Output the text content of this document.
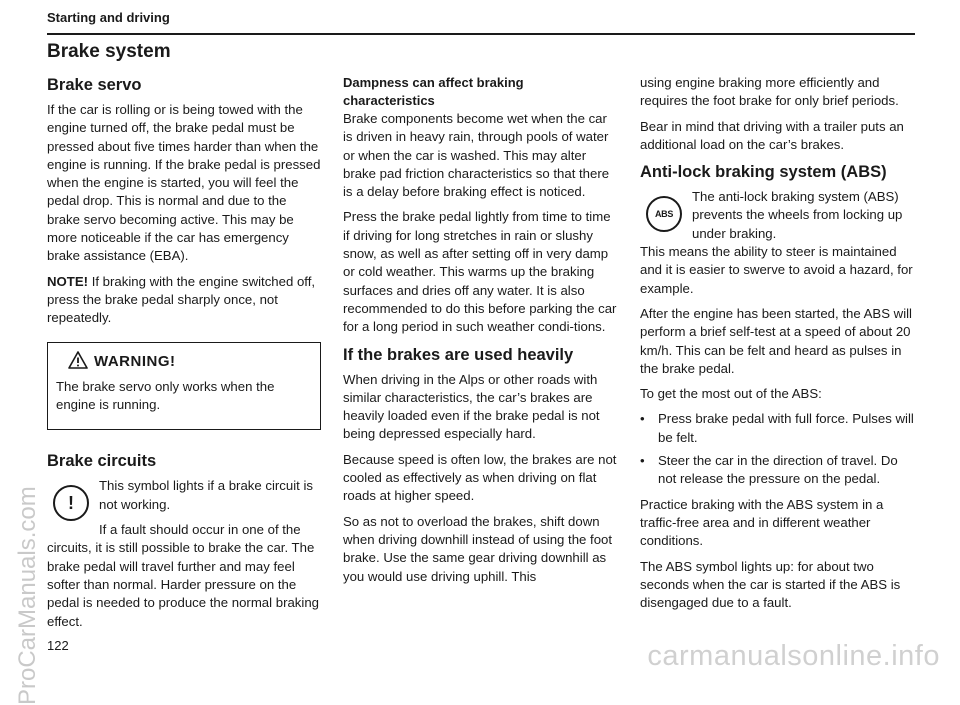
Starting and driving
Brake system
Brake servo

If the car is rolling or is being towed with the engine turned off, the brake pedal must be pressed about five times harder than when the engine is running. If the brake pedal is pressed when the engine is started, you will feel the pedal drop. This is normal and due to the brake servo becoming active. This may be more noticeable if the car has emergency brake assistance (EBA).

NOTE! If braking with the engine switched off, press the brake pedal sharply once, not repeatedly.

WARNING!

The brake servo only works when the engine is running.

Brake circuits
!

This symbol lights if a brake circuit is not working.

If a fault should occur in one of the circuits, it is still possible to brake the car. The brake pedal will travel further and may feel softer than normal. Harder pressure on the pedal is needed to produce the normal braking effect.

Dampness can affect braking characteristics

Brake components become wet when the car is driven in heavy rain, through pools of water or when the car is washed. This may alter brake pad friction characteristics so that there is a delay before braking effect is noticed.

Press the brake pedal lightly from time to time if driving for long stretches in rain or slushy snow, as well as after setting off in very damp or cold weather. This warms up the braking surfaces and dries off any water. It is also recommended to do this before parking the car for a long period in such weather condi-tions.

If the brakes are used heavily

When driving in the Alps or other roads with similar characteristics, the car’s brakes are heavily loaded even if the brake pedal is not being depressed especially hard.

Because speed is often low, the brakes are not cooled as effectively as when driving on flat roads at higher speed.

So as not to overload the brakes, shift down when driving downhill instead of using the foot brake. Use the same gear driving downhill as you would use driving uphill. This

using engine braking more efficiently and requires the foot brake for only brief periods.

Bear in mind that driving with a trailer puts an additional load on the car’s brakes.

Anti-lock braking system (ABS)
ABS

The anti-lock braking system (ABS) prevents the wheels from locking up under braking.

This means the ability to steer is maintained and it is easier to swerve to avoid a hazard, for example.

After the engine has been started, the ABS will perform a brief self-test at a speed of about 20 km/h. This can be felt and heard as pulses in the brake pedal.

To get the most out of the ABS:

• Press brake pedal with full force. Pulses will be felt.
• Steer the car in the direction of travel. Do not release the pressure on the pedal.

Practice braking with the ABS system in a traffic-free area and in different weather conditions.

The ABS symbol lights up: for about two seconds when the car is started if the ABS is disengaged due to a fault.

122
ProCarManuals.com	carmanualsonline.info
